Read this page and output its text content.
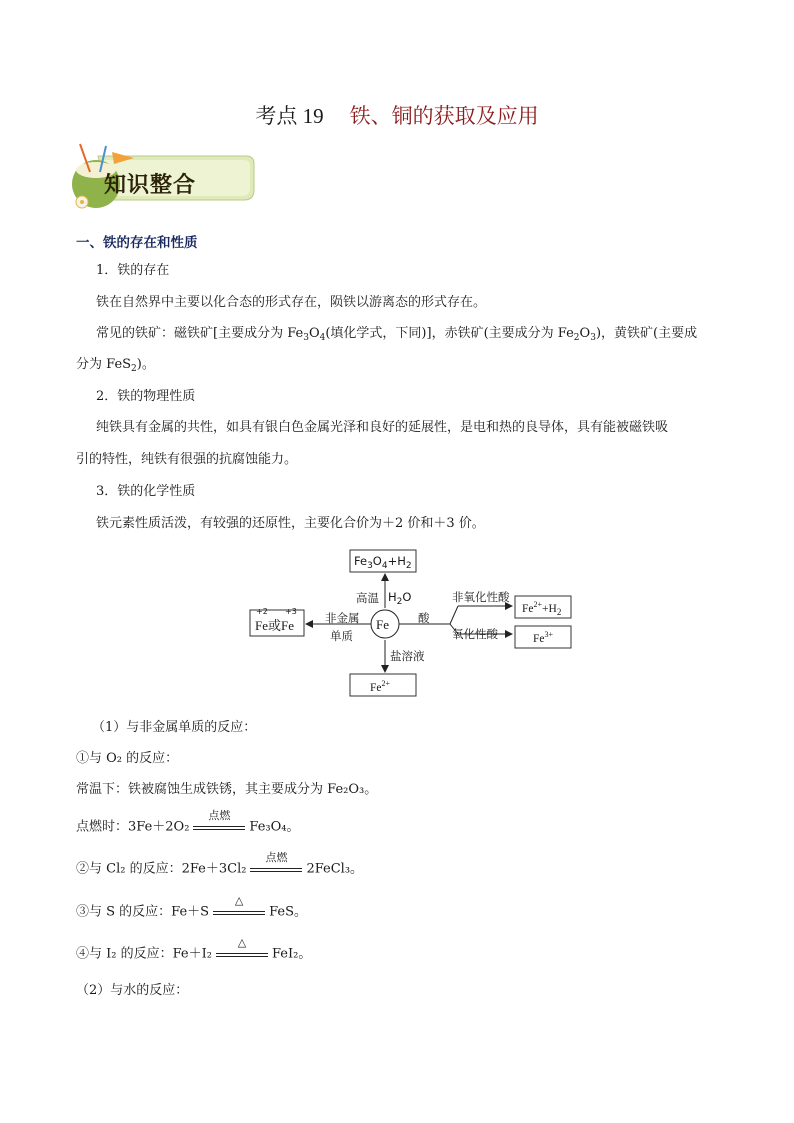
考点 19 铁、铜的获取及应用
知识整合
一、铁的存在和性质
1．铁的存在
铁在自然界中主要以化合态的形式存在，陨铁以游离态的形式存在。
常见的铁矿：磁铁矿[主要成分为 $Fe_3O_4$(填化学式，下同)]，赤铁矿(主要成分为 $Fe_2O_3$)，黄铁矿(主要成
分为 FeS$_2$)。
2．铁的物理性质
纯铁具有金属的共性，如具有银白色金属光泽和良好的延展性，是电和热的良导体，具有能被磁铁吸
引的特性，纯铁有很强的抗腐蚀能力。
3．铁的化学性质
铁元素性质活泼，有较强的还原性，主要化合价为＋2 价和＋3 价。
$Fe_3O_4+H_2$
高温 $H_2O$
Fe
非金属
单质
+2 +3
Fe或Fe	酸
非氧化性酸
氧化性酸
$Fe^{2+}+H_2$
$Fe^{3+}$
盐溶液
$Fe^{2+}$
（1）与非金属单质的反应：
①与 O₂ 的反应：
常温下：铁被腐蚀生成铁锈，其主要成分为 Fe₂O₃。
点燃时：3Fe＋2O₂
点燃
Fe₃O₄。
②与 Cl₂ 的反应：2Fe＋3Cl₂
点燃
2FeCl₃。
③与 S 的反应：Fe＋S
△
FeS。
④与 I₂ 的反应：Fe＋I₂
△
FeI₂。
（2）与水的反应：
